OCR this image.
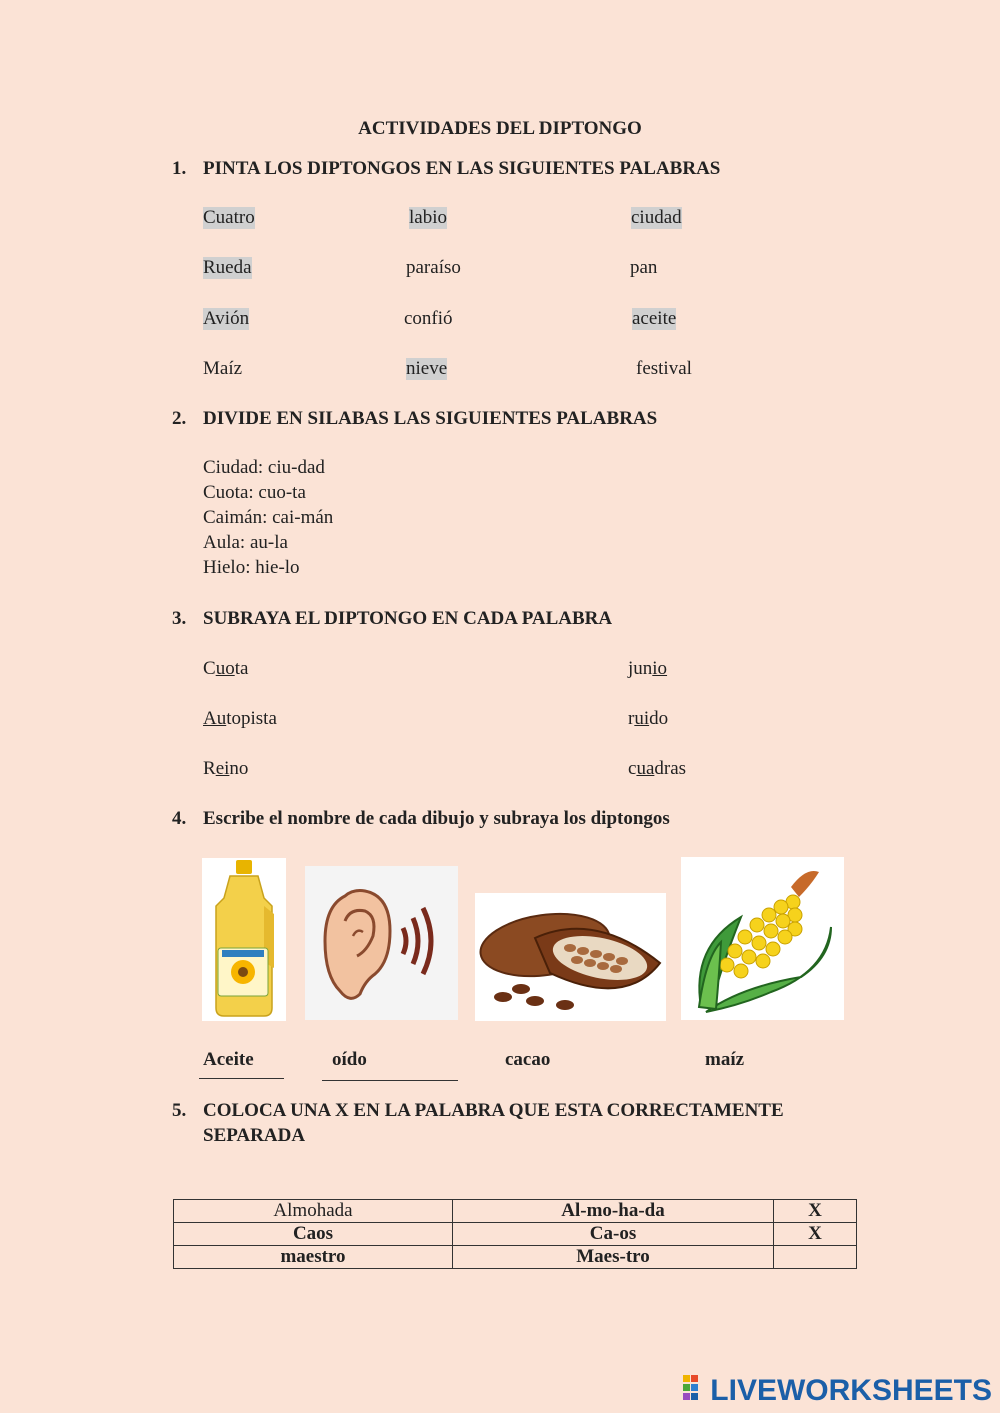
ACTIVIDADES DEL DIPTONGO
1. PINTA LOS DIPTONGOS EN LAS SIGUIENTES PALABRAS
Cuatro	labio	ciudad
Rueda	paraíso	pan
Avión	confió	aceite
Maíz	nieve	festival
2. DIVIDE EN SILABAS LAS SIGUIENTES PALABRAS
Ciudad: ciu-dad
Cuota: cuo-ta
Caimán: cai-mán
Aula: au-la
Hielo: hie-lo
3. SUBRAYA EL DIPTONGO EN CADA PALABRA
Cuota	junio
Autopista	ruido
Reino	cuadras
4. Escribe el nombre de cada dibujo y subraya los diptongos
Aceite	oído	cacao	maíz
5. COLOCA UNA X EN LA PALABRA QUE ESTA CORRECTAMENTE SEPARADA
Almohada	Al-mo-ha-da	X
Caos	Ca-os	X
maestro	Maes-tro	
LIVEWORKSHEETS
